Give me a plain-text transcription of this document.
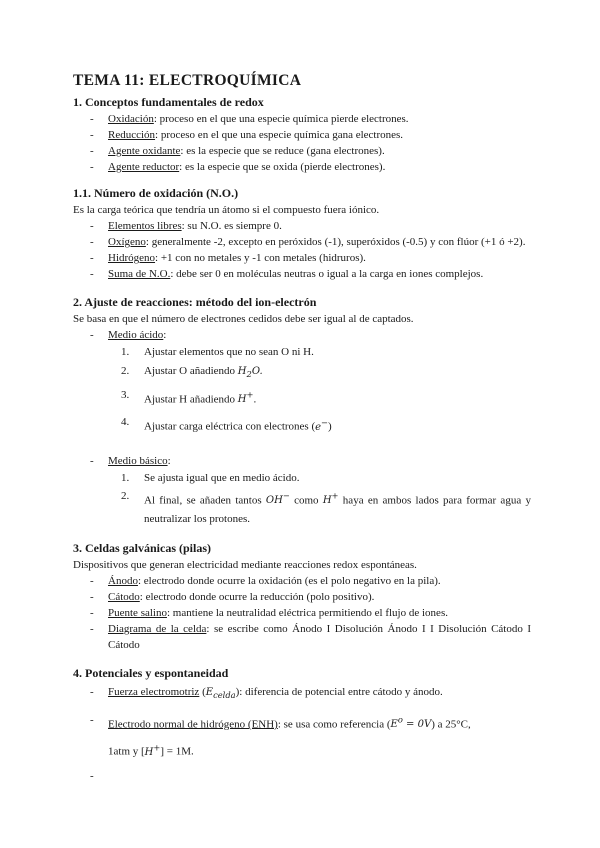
TEMA 11: ELECTROQUÍMICA
1. Conceptos fundamentales de redox
- Oxidación: proceso en el que una especie química pierde electrones.
- Reducción: proceso en el que una especie química gana electrones.
- Agente oxidante: es la especie que se reduce (gana electrones).
- Agente reductor: es la especie que se oxida (pierde electrones).
1.1. Número de oxidación (N.O.)
Es la carga teórica que tendría un átomo si el compuesto fuera iónico.
- Elementos libres: su N.O. es siempre 0.
- Oxígeno: generalmente -2, excepto en peróxidos (-1), superóxidos (-0.5) y con flúor (+1 ó +2).
- Hidrógeno: +1 con no metales y -1 con metales (hidruros).
- Suma de N.O.: debe ser 0 en moléculas neutras o igual a la carga en iones complejos.
2. Ajuste de reacciones: método del ion-electrón
Se basa en que el número de electrones cedidos debe ser igual al de captados.
- Medio ácido:
1. Ajustar elementos que no sean O ni H.
2. Ajustar O añadiendo $H_2O$.
3. Ajustar H añadiendo H+.
4. Ajustar carga eléctrica con electrones (e−)
- Medio básico:
1. Se ajusta igual que en medio ácido.
2. Al final, se añaden tantos OH− como H+ haya en ambos lados para formar agua y neutralizar los protones.
3. Celdas galvánicas (pilas)
Dispositivos que generan electricidad mediante reacciones redox espontáneas.
- Ánodo: electrodo donde ocurre la oxidación (es el polo negativo en la pila).
- Cátodo: electrodo donde ocurre la reducción (polo positivo).
- Puente salino: mantiene la neutralidad eléctrica permitiendo el flujo de iones.
- Diagrama de la celda: se escribe como Ánodo I Disolución Ánodo I I Disolución Cátodo I Cátodo
4. Potenciales y espontaneidad
- Fuerza electromotriz $(E_{celda})$: diferencia de potencial entre cátodo y ánodo.
- Electrodo normal de hidrógeno (ENH): se usa como referencia $(E^o = 0V)$ a 25°C,
1atm y [H+] = 1M.
